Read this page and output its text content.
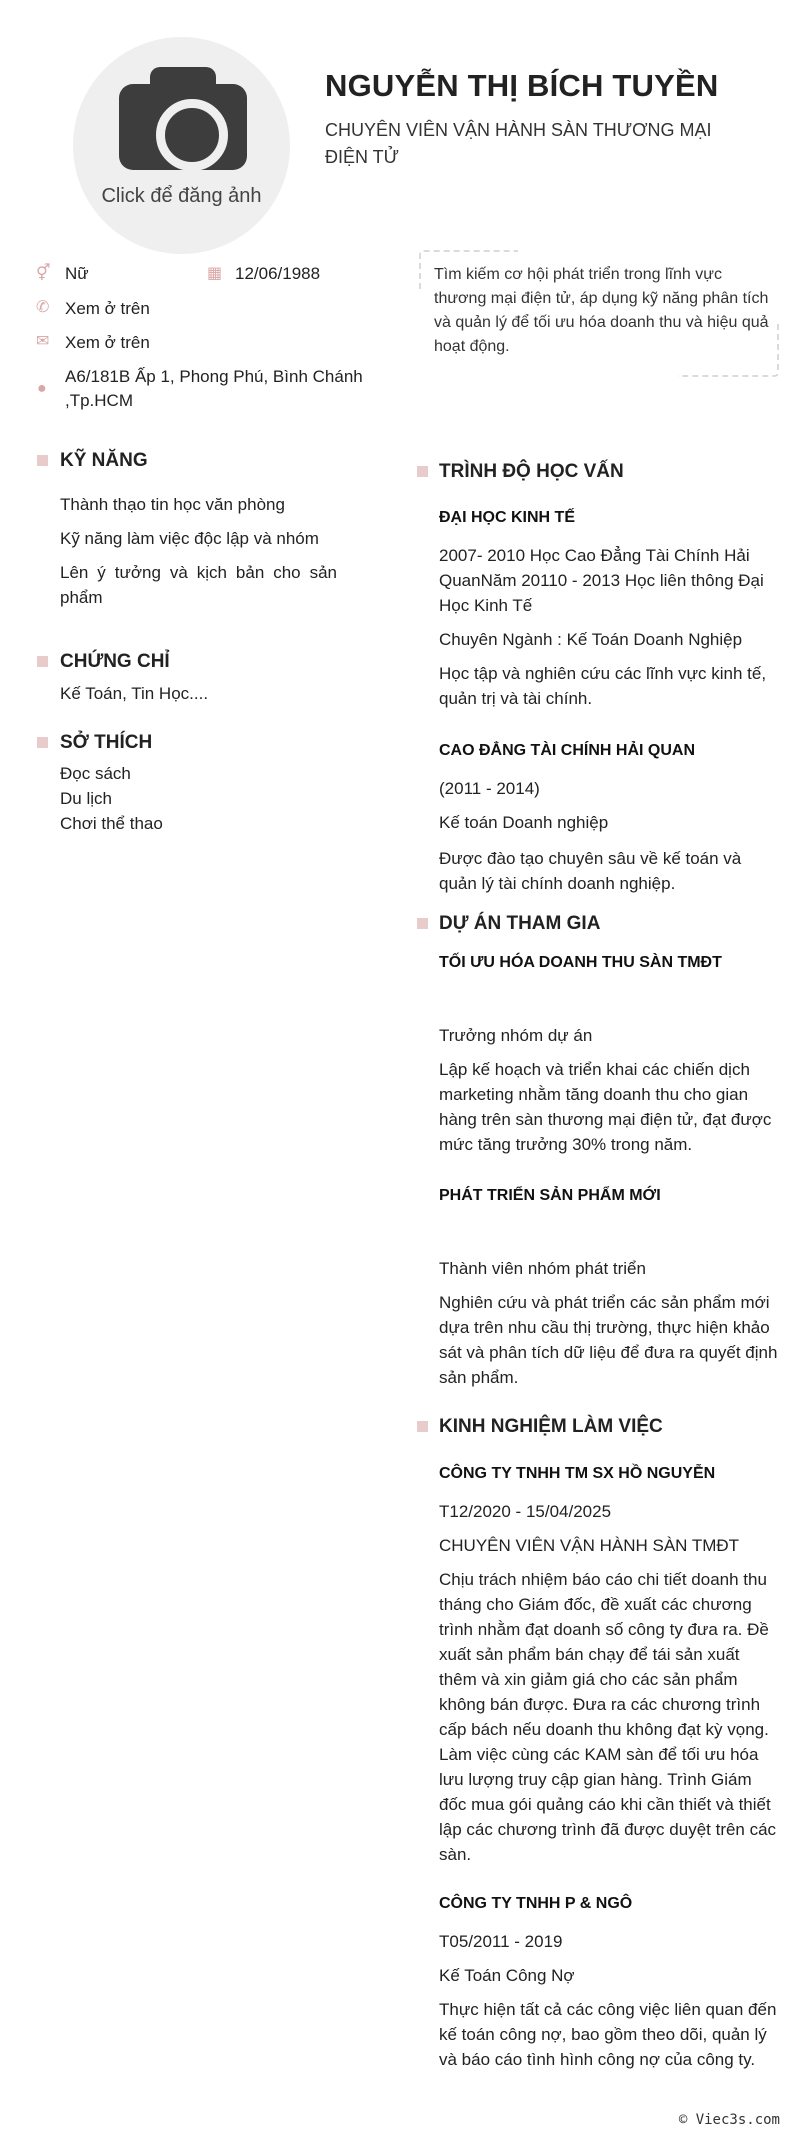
Click để đăng ảnh
NGUYỄN THỊ BÍCH TUYỀN
CHUYÊN VIÊN VẬN HÀNH SÀN THƯƠNG MẠI ĐIỆN TỬ
⚥ Nữ	▦ 12/06/1988
✆ Xem ở trên
✉ Xem ở trên
●
A6/181B Ấp 1, Phong Phú, Bình Chánh ,Tp.HCM
Tìm kiếm cơ hội phát triển trong lĩnh vực thương mại điện tử, áp dụng kỹ năng phân tích và quản lý để tối ưu hóa doanh thu và hiệu quả hoạt động.
KỸ NĂNG
Thành thạo tin học văn phòng
Kỹ năng làm việc độc lập và nhóm
Lên ý tưởng và kịch bản cho sản phẩm
CHỨNG CHỈ
Kế Toán, Tin Học....
SỞ THÍCH
Đọc sách
Du lịch
Chơi thể thao
TRÌNH ĐỘ HỌC VẤN
ĐẠI HỌC KINH TẾ
2007- 2010 Học Cao Đẳng Tài Chính Hải QuanNăm 20110 - 2013 Học liên thông Đại Học Kinh Tế
Chuyên Ngành : Kế Toán Doanh Nghiệp
Học tập và nghiên cứu các lĩnh vực kinh tế, quản trị và tài chính.
CAO ĐẲNG TÀI CHÍNH HẢI QUAN
(2011 - 2014)
Kế toán Doanh nghiệp
Được đào tạo chuyên sâu về kế toán và quản lý tài chính doanh nghiệp.
DỰ ÁN THAM GIA
TỐI ƯU HÓA DOANH THU SÀN TMĐT
Trưởng nhóm dự án
Lập kế hoạch và triển khai các chiến dịch marketing nhằm tăng doanh thu cho gian hàng trên sàn thương mại điện tử, đạt được mức tăng trưởng 30% trong năm.
PHÁT TRIỂN SẢN PHẨM MỚI
Thành viên nhóm phát triển
Nghiên cứu và phát triển các sản phẩm mới dựa trên nhu cầu thị trường, thực hiện khảo sát và phân tích dữ liệu để đưa ra quyết định sản phẩm.
KINH NGHIỆM LÀM VIỆC
CÔNG TY TNHH TM SX HỒ NGUYỄN
T12/2020 - 15/04/2025
CHUYÊN VIÊN VẬN HÀNH SÀN TMĐT
Chịu trách nhiệm báo cáo chi tiết doanh thu tháng cho Giám đốc, đề xuất các chương trình nhằm đạt doanh số công ty đưa ra. Đề xuất sản phẩm bán chạy để tái sản xuất thêm và xin giảm giá cho các sản phẩm không bán được. Đưa ra các chương trình cấp bách nếu doanh thu không đạt kỳ vọng. Làm việc cùng các KAM sàn để tối ưu hóa lưu lượng truy cập gian hàng. Trình Giám đốc mua gói quảng cáo khi cần thiết và thiết lập các chương trình đã được duyệt trên các sàn.
CÔNG TY TNHH P & NGÔ
T05/2011 - 2019
Kế Toán Công Nợ
Thực hiện tất cả các công việc liên quan đến kế toán công nợ, bao gồm theo dõi, quản lý và báo cáo tình hình công nợ của công ty.
© Viec3s.com
